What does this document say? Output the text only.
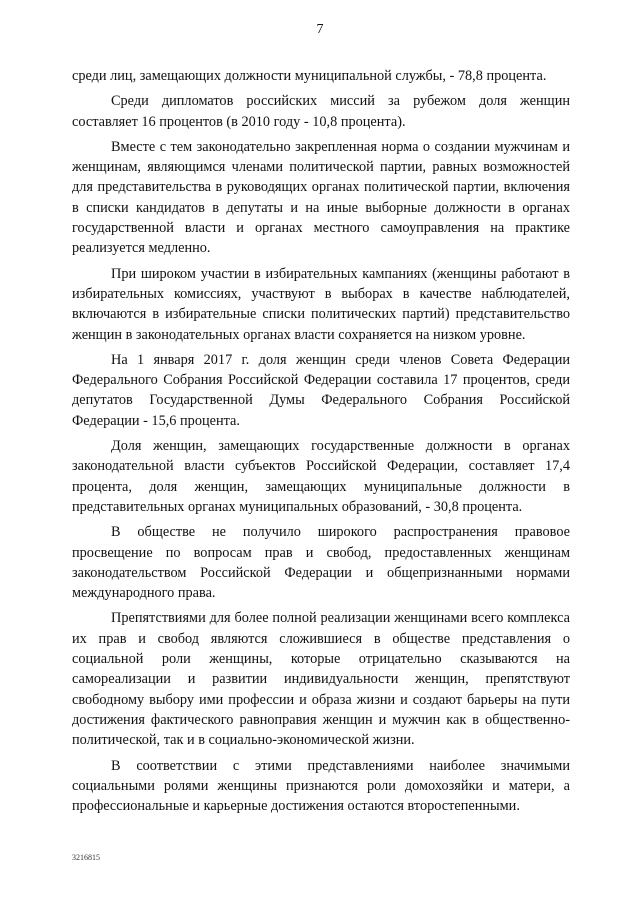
7

среди лиц, замещающих должности муниципальной службы, - 78,8 процента.

Среди дипломатов российских миссий за рубежом доля женщин составляет 16 процентов (в 2010 году - 10,8 процента).

Вместе с тем законодательно закрепленная норма о создании мужчинам и женщинам, являющимся членами политической партии, равных возможностей для представительства в руководящих органах политической партии, включения в списки кандидатов в депутаты и на иные выборные должности в органах государственной власти и органах местного самоуправления на практике реализуется медленно.

При широком участии в избирательных кампаниях (женщины работают в избирательных комиссиях, участвуют в выборах в качестве наблюдателей, включаются в избирательные списки политических партий) представительство женщин в законодательных органах власти сохраняется на низком уровне.

На 1 января 2017 г. доля женщин среди членов Совета Федерации Федерального Собрания Российской Федерации составила 17 процентов, среди депутатов Государственной Думы Федерального Собрания Российской Федерации - 15,6 процента.

Доля женщин, замещающих государственные должности в органах законодательной власти субъектов Российской Федерации, составляет 17,4 процента, доля женщин, замещающих муниципальные должности в представительных органах муниципальных образований, - 30,8 процента.

В обществе не получило широкого распространения правовое просвещение по вопросам прав и свобод, предоставленных женщинам законодательством Российской Федерации и общепризнанными нормами международного права.

Препятствиями для более полной реализации женщинами всего комплекса их прав и свобод являются сложившиеся в обществе представления о социальной роли женщины, которые отрицательно сказываются на самореализации и развитии индивидуальности женщин, препятствуют свободному выбору ими профессии и образа жизни и создают барьеры на пути достижения фактического равноправия женщин и мужчин как в общественно-политической, так и в социально-экономической жизни.

В соответствии с этими представлениями наиболее значимыми социальными ролями женщины признаются роли домохозяйки и матери, а профессиональные и карьерные достижения остаются второстепенными.

3216815
